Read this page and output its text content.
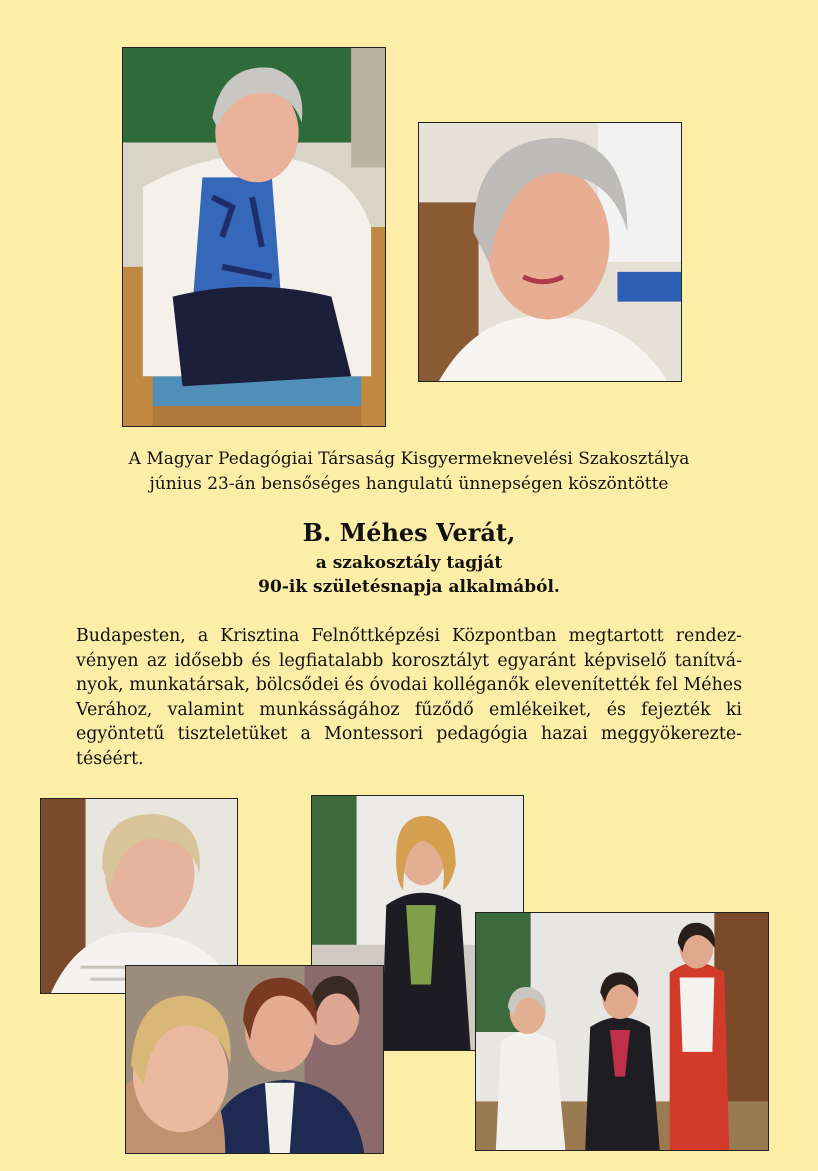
A Magyar Pedagógiai Társaság Kisgyermeknevelési Szakosztálya
június 23-án bensőséges hangulatú ünnepségen köszöntötte
B. Méhes Verát,
a szakosztály tagját
90-ik születésnapja alkalmából.
Budapesten, a Krisztina Felnőttképzési Központban megtartott rendezvényen az idősebb és legfiatalabb korosztályt egyaránt képviselő tanítványok, munkatársak, bölcsődei és óvodai kolléganők elevenítették fel Méhes Verához, valamint munkásságához fűződő emlékeiket, és fejezték ki egyöntetű tiszteletüket a Montessori pedagógia hazai meggyökereztetéséért.
